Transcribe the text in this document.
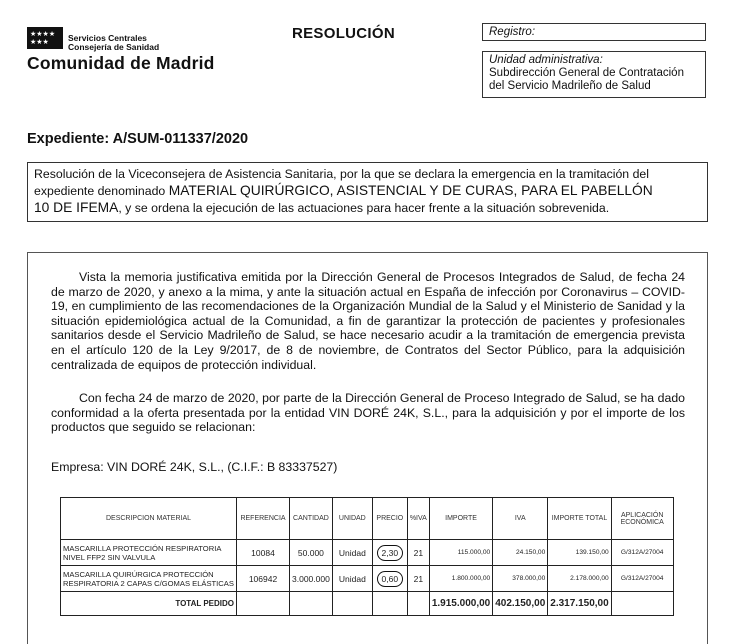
★★★★
★★★ Servicios Centrales
Consejería de Sanidad
Comunidad de Madrid
RESOLUCIÓN	Registro:
Unidad administrativa:
Subdirección General de Contratación
del Servicio Madrileño de Salud
Expediente: A/SUM-011337/2020
Resolución de la Viceconsejera de Asistencia Sanitaria, por la que se declara la emergencia en la tramitación del
expediente denominado MATERIAL QUIRÚRGICO, ASISTENCIAL Y DE CURAS, PARA EL PABELLÓN
10 DE IFEMA, y se ordena la ejecución de las actuaciones para hacer frente a la situación sobrevenida.
Vista la memoria justificativa emitida por la Dirección General de Procesos Integrados de Salud, de fecha 24 de marzo de 2020, y anexo a la mima, y ante la situación actual en España de infección por Coronavirus – COVID-19, en cumplimiento de las recomendaciones de la Organización Mundial de la Salud y el Ministerio de Sanidad y la situación epidemiológica actual de la Comunidad, a fin de garantizar la protección de pacientes y profesionales sanitarios desde el Servicio Madrileño de Salud, se hace necesario acudir a la tramitación de emergencia prevista en el artículo 120 de la Ley 9/2017, de 8 de noviembre, de Contratos del Sector Público, para la adquisición centralizada de equipos de protección individual.
Con fecha 24 de marzo de 2020, por parte de la Dirección General de Proceso Integrado de Salud, se ha dado conformidad a la oferta presentada por la entidad VIN DORÉ 24K, S.L., para la adquisición y por el importe de los productos que seguido se relacionan:
Empresa: VIN DORÉ 24K, S.L., (C.I.F.: B 83337527)
DESCRIPCION MATERIAL	REFERENCIA	CANTIDAD	UNIDAD	PRECIO	%IVA	IMPORTE	IVA	IMPORTE TOTAL	APLICACIÓN
ECONÓMICA

MASCARILLA PROTECCIÓN RESPIRATORIA
NIVEL FFP2 SIN VALVULA	10084	50.000	Unidad	2,30	21	115.000,00	24.150,00	139.150,00	G/312A/27004

MASCARILLA QUIRÚRGICA PROTECCIÓN
RESPIRATORIA 2 CAPAS C/GOMAS ELÁSTICAS	106942	3.000.000	Unidad	0,60	21	1.800.000,00	378.000,00	2.178.000,00	G/312A/27004
TOTAL PEDIDO						1.915.000,00	402.150,00	2.317.150,00	
